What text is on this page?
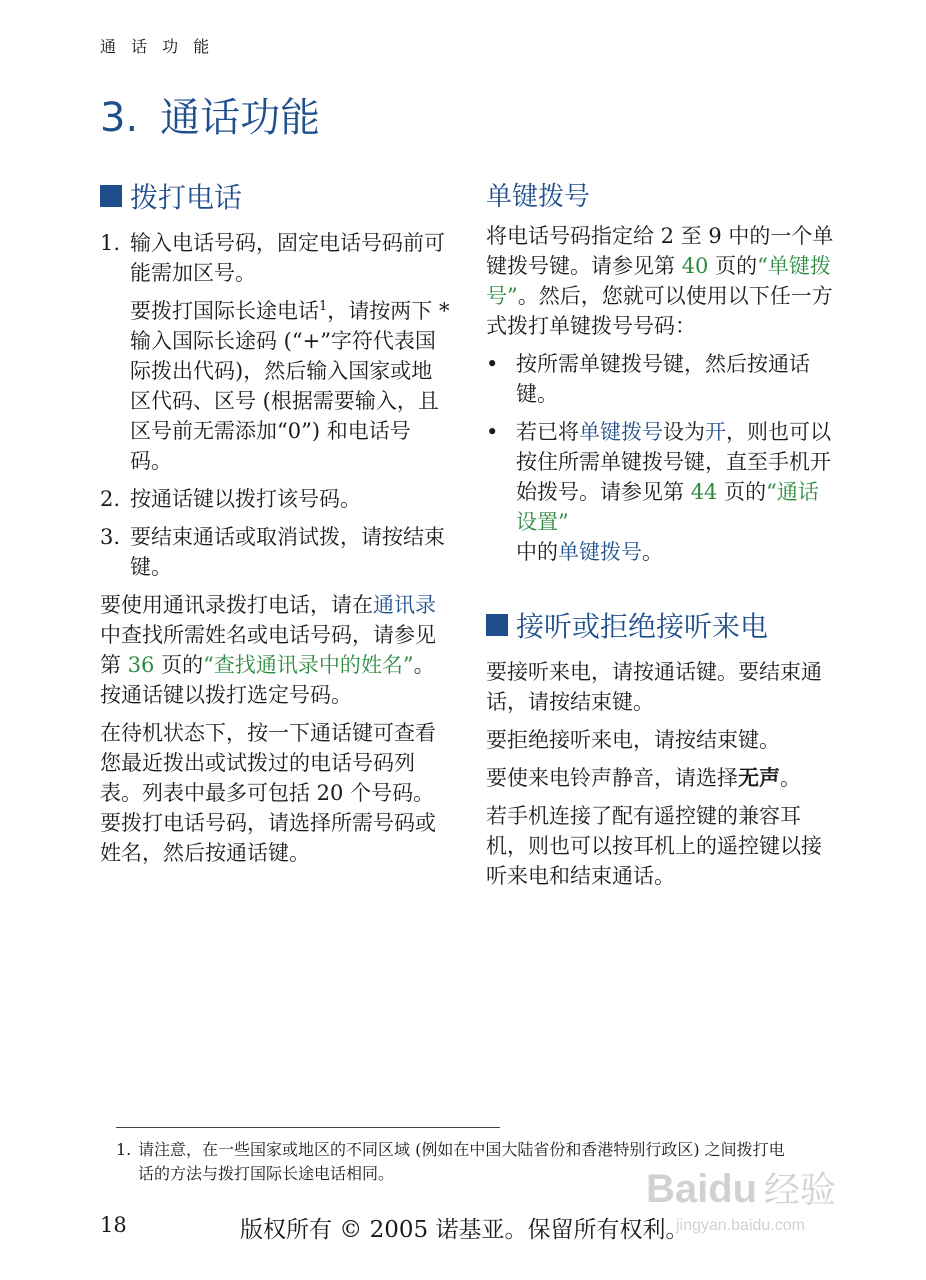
通 话 功 能
3. 通话功能
拨打电话
1. 输入电话号码，固定电话号码前可能需加区号。
要拨打国际长途电话$^1$，请按两下 * 输入国际长途码 (“+”字符代表国际拨出代码)，然后输入国家或地区代码、区号 (根据需要输入，且区号前无需添加“0”) 和电话号码。
2. 按通话键以拨打该号码。
3. 要结束通话或取消试拨，请按结束键。
要使用通讯录拨打电话，请在通讯录中查找所需姓名或电话号码，请参见第 36 页的“查找通讯录中的姓名”。按通话键以拨打选定号码。
在待机状态下，按一下通话键可查看您最近拨出或试拨过的电话号码列表。列表中最多可包括 20 个号码。要拨打电话号码，请选择所需号码或姓名，然后按通话键。
单键拨号
将电话号码指定给 2 至 9 中的一个单键拨号键。请参见第 40 页的“单键拨号”。然后，您就可以使用以下任一方式拨打单键拨号号码：
• 按所需单键拨号键，然后按通话键。
• 若已将单键拨号设为开，则也可以按住所需单键拨号键，直至手机开始拨号。请参见第 44 页的“通话设置”
中的单键拨号。
接听或拒绝接听来电
要接听来电，请按通话键。要结束通话，请按结束键。
要拒绝接听来电，请按结束键。
要使来电铃声静音，请选择无声。
若手机连接了配有遥控键的兼容耳机，则也可以按耳机上的遥控键以接听来电和结束通话。
1. 请注意，在一些国家或地区的不同区域 (例如在中国大陆省份和香港特别行政区) 之间拨打电话的方法与拨打国际长途电话相同。
18	版权所有 © 2005 诺基亚。保留所有权利。
Baidu 经验
jingyan.baidu.com
